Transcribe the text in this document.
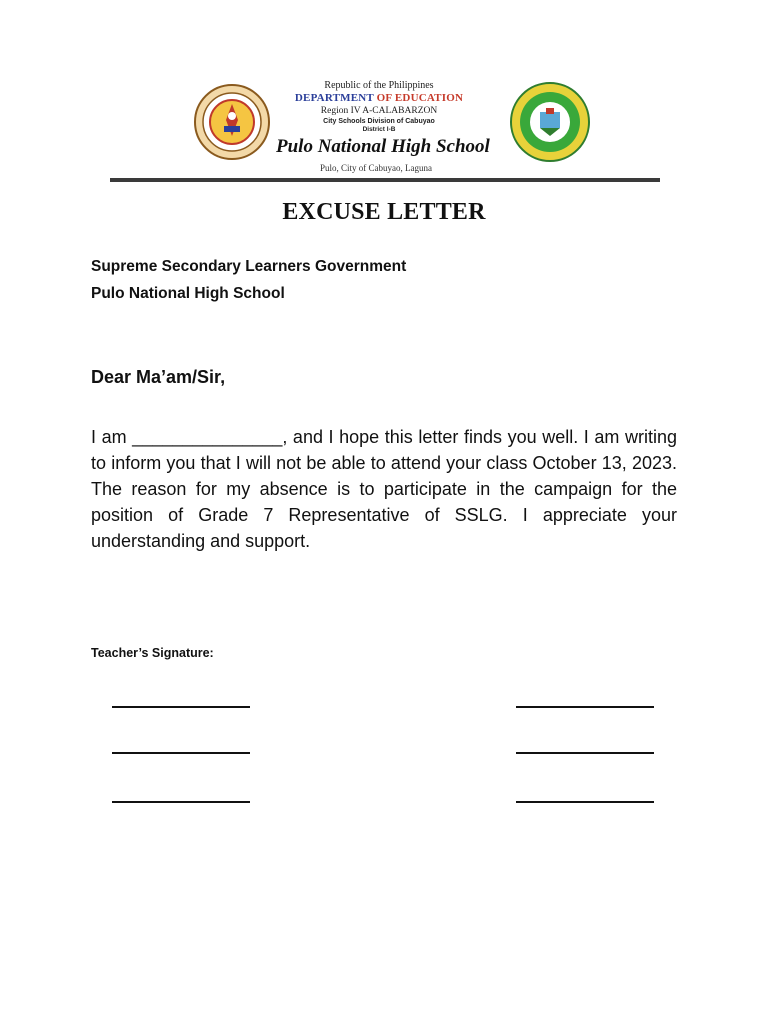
Republic of the Philippines
DEPARTMENT OF EDUCATION
Region IV A-CALABARZON
City Schools Division of Cabuyao
District I-B
Pulo National High School
Pulo, City of Cabuyao, Laguna
EXCUSE LETTER
Supreme Secondary Learners Government
Pulo National High School
Dear Ma’am/Sir,
I am _______________, and I hope this letter finds you well. I am writing to inform you that I will not be able to attend your class October 13, 2023. The reason for my absence is to participate in the campaign for the position of Grade 7 Representative of SSLG. I appreciate your understanding and support.
Teacher’s Signature:
